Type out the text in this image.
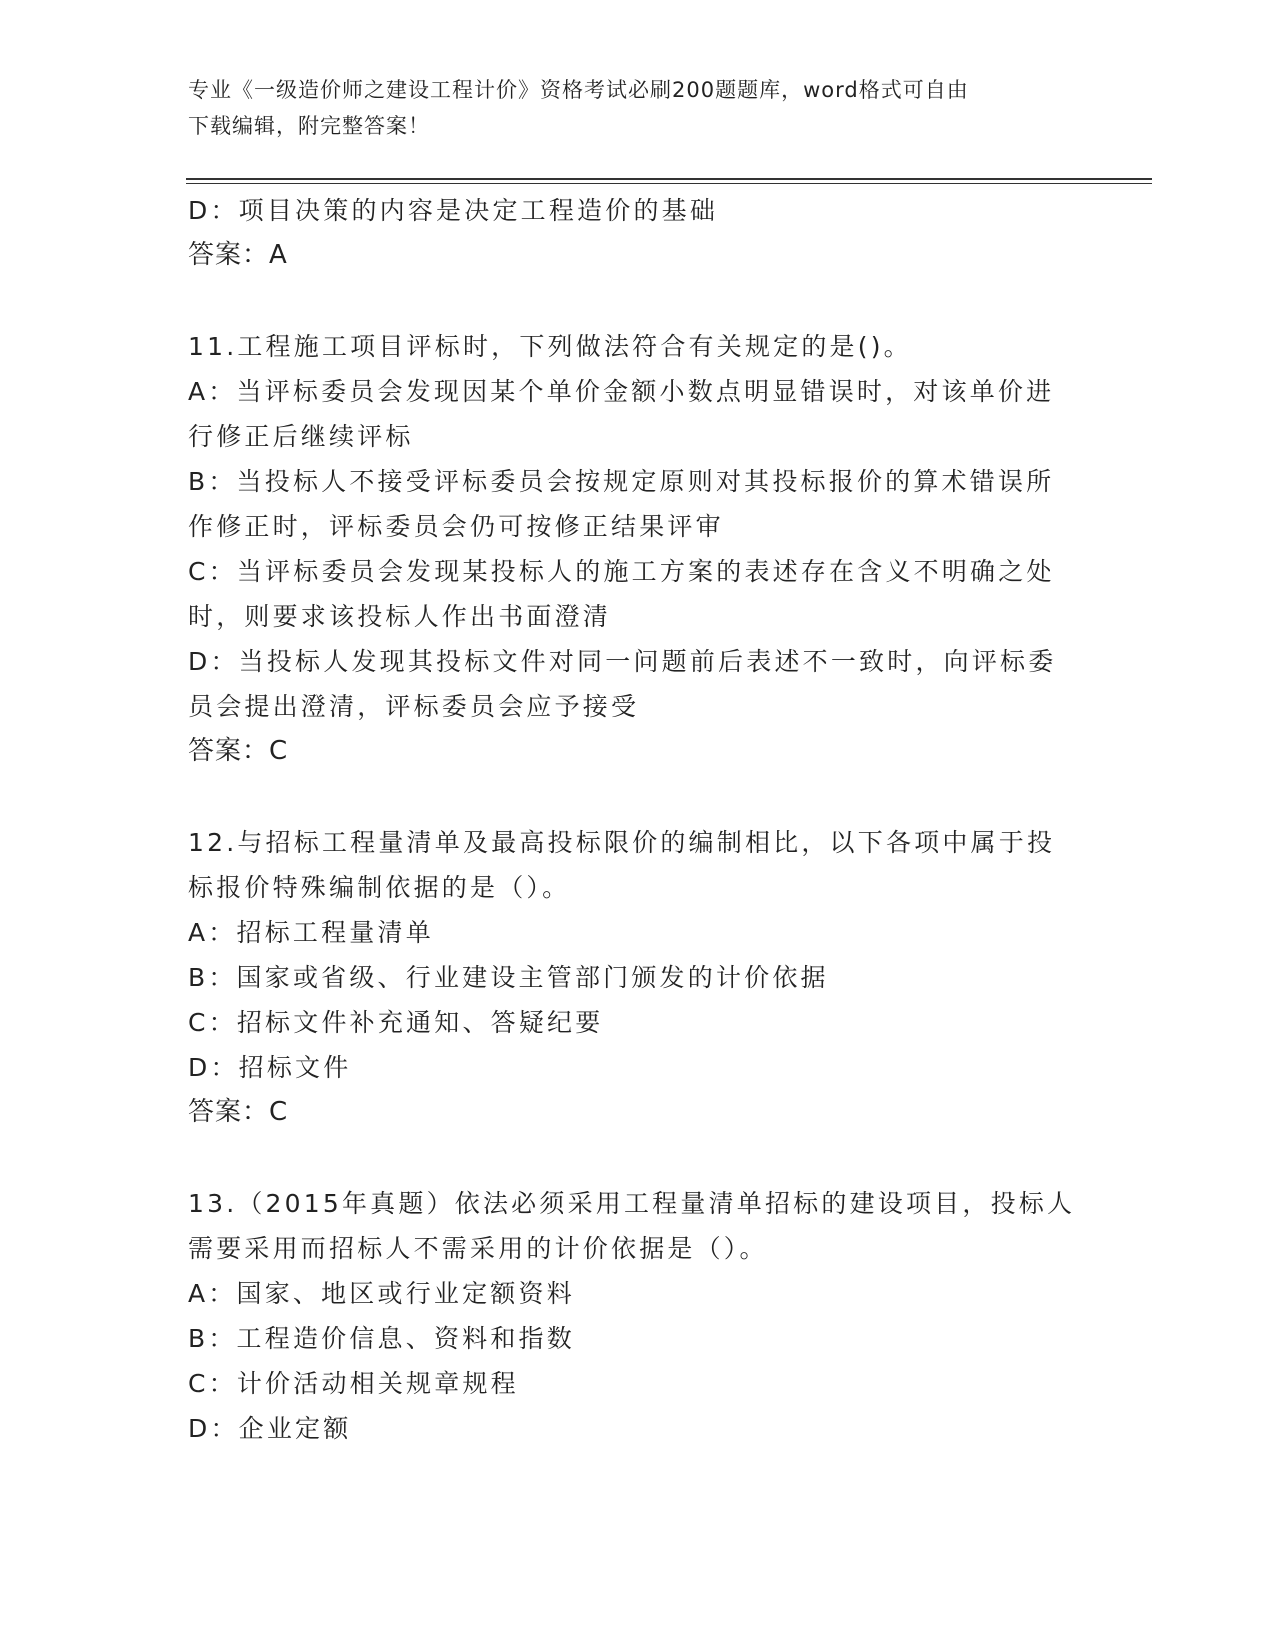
专业《一级造价师之建设工程计价》资格考试必刷200题题库，word格式可自由
下载编辑，附完整答案！
D：项目决策的内容是决定工程造价的基础
答案：A
11.工程施工项目评标时，下列做法符合有关规定的是()。
A：当评标委员会发现因某个单价金额小数点明显错误时，对该单价进
行修正后继续评标
B：当投标人不接受评标委员会按规定原则对其投标报价的算术错误所
作修正时，评标委员会仍可按修正结果评审
C：当评标委员会发现某投标人的施工方案的表述存在含义不明确之处
时，则要求该投标人作出书面澄清
D：当投标人发现其投标文件对同一问题前后表述不一致时，向评标委
员会提出澄清，评标委员会应予接受
答案：C
12.与招标工程量清单及最高投标限价的编制相比，以下各项中属于投
标报价特殊编制依据的是（）。
A：招标工程量清单
B：国家或省级、行业建设主管部门颁发的计价依据
C：招标文件补充通知、答疑纪要
D：招标文件
答案：C
13.（2015年真题）依法必须采用工程量清单招标的建设项目，投标人
需要采用而招标人不需采用的计价依据是（）。
A：国家、地区或行业定额资料
B：工程造价信息、资料和指数
C：计价活动相关规章规程
D：企业定额
